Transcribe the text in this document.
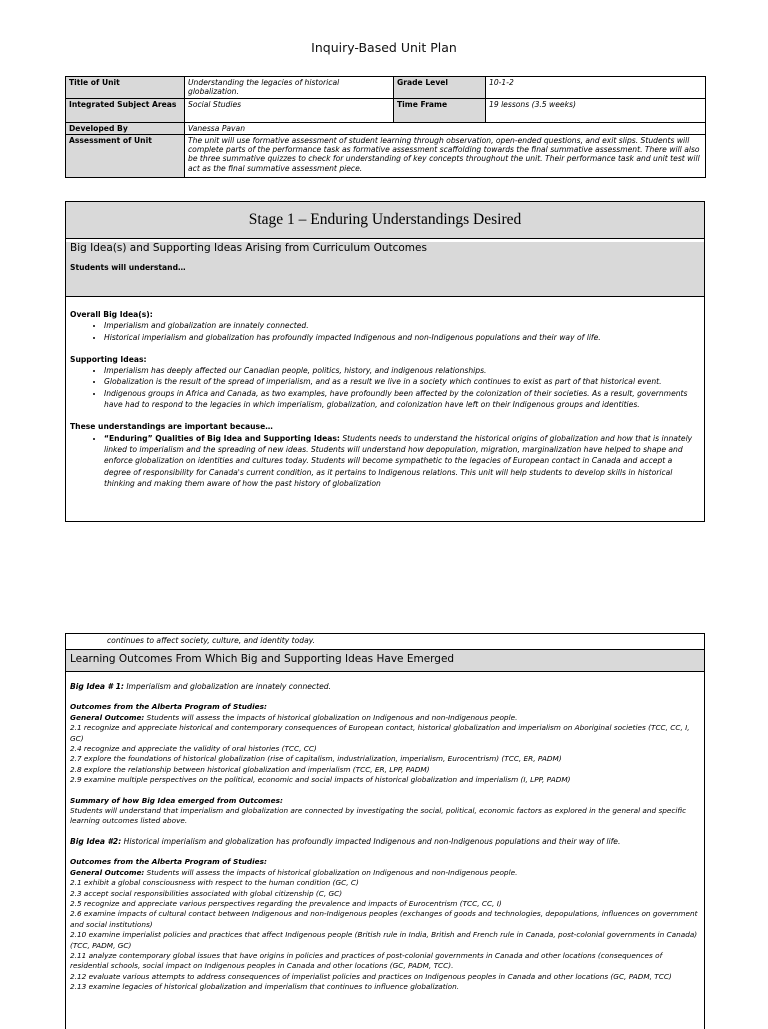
Inquiry-Based Unit Plan
Title of Unit	Understanding the legacies of historical globalization.	Grade Level	10-1-2
Integrated Subject Areas	Social Studies	Time Frame	19 lessons (3.5 weeks)
Developed By	Vanessa Pavan		
Assessment of Unit	The unit will use formative assessment of student learning through observation, open-ended questions, and exit slips. Students will complete parts of the performance task as formative assessment scaffolding towards the final summative assessment. There will also be three summative quizzes to check for understanding of key concepts throughout the unit. Their performance task and unit test will act as the final summative assessment piece.		
Stage 1 – Enduring Understandings Desired
Big Idea(s) and Supporting Ideas Arising from Curriculum Outcomes
Students will understand…

Overall Big Idea(s):

• Imperialism and globalization are innately connected.
• Historical imperialism and globalization has profoundly impacted Indigenous and non-Indigenous populations and their way of life.

Supporting Ideas:

• Imperialism has deeply affected our Canadian people, politics, history, and indigenous relationships.
• Globalization is the result of the spread of imperialism, and as a result we live in a society which continues to exist as part of that historical event.
• Indigenous groups in Africa and Canada, as two examples, have profoundly been affected by the colonization of their societies. As a result, governments have had to respond to the legacies in which imperialism, globalization, and colonization have left on their Indigenous groups and identities.

These understandings are important because…

• “Enduring” Qualities of Big Idea and Supporting Ideas: Students needs to understand the historical origins of globalization and how that is innately linked to imperialism and the spreading of new ideas. Students will understand how depopulation, migration, marginalization have helped to shape and enforce globalization on identities and cultures today. Students will become sympathetic to the legacies of European contact in Canada and accept a degree of responsibility for Canada's current condition, as it pertains to Indigenous relations. This unit will help students to develop skills in historical thinking and making them aware of how the past history of globalization
continues to affect society, culture, and identity today.
Learning Outcomes From Which Big and Supporting Ideas Have Emerged

Big Idea # 1: Imperialism and globalization are innately connected.

Outcomes from the Alberta Program of Studies:

General Outcome: Students will assess the impacts of historical globalization on Indigenous and non-Indigenous people.

2.1 recognize and appreciate historical and contemporary consequences of European contact, historical globalization and imperialism on Aboriginal societies (TCC, CC, I, GC)

2.4 recognize and appreciate the validity of oral histories (TCC, CC)

2.7 explore the foundations of historical globalization (rise of capitalism, industrialization, imperialism, Eurocentrism) (TCC, ER, PADM)

2.8 explore the relationship between historical globalization and imperialism (TCC, ER, LPP, PADM)

2.9 examine multiple perspectives on the political, economic and social impacts of historical globalization and imperialism (I, LPP, PADM)

Summary of how Big Idea emerged from Outcomes:

Students will understand that imperialism and globalization are connected by investigating the social, political, economic factors as explored in the general and specific learning outcomes listed above.

Big Idea #2: Historical imperialism and globalization has profoundly impacted Indigenous and non-Indigenous populations and their way of life.

Outcomes from the Alberta Program of Studies:

General Outcome: Students will assess the impacts of historical globalization on Indigenous and non-Indigenous people.

2.1 exhibit a global consciousness with respect to the human condition (GC, C)

2.3 accept social responsibilities associated with global citizenship (C, GC)

2.5 recognize and appreciate various perspectives regarding the prevalence and impacts of Eurocentrism (TCC, CC, I)

2.6 examine impacts of cultural contact between Indigenous and non-Indigenous peoples (exchanges of goods and technologies, depopulations, influences on government and social institutions)

2.10 examine imperialist policies and practices that affect Indigenous people (British rule in India, British and French rule in Canada, post-colonial governments in Canada) (TCC, PADM, GC)

2.11 analyze contemporary global issues that have origins in policies and practices of post-colonial governments in Canada and other locations (consequences of residential schools, social impact on Indigenous peoples in Canada and other locations (GC, PADM, TCC).

2.12 evaluate various attempts to address consequences of imperialist policies and practices on Indigenous peoples in Canada and other locations (GC, PADM, TCC)

2.13 examine legacies of historical globalization and imperialism that continues to influence globalization.
